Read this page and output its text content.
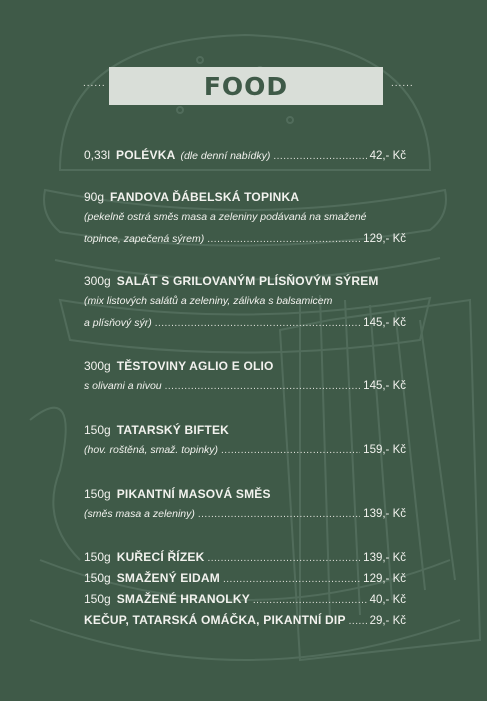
......	FOOD	......
0,33l POLÉVKA (dle denní nabídky) .....	42,- Kč
90g FANDOVA ĎÁBELSKÁ TOPINKA
(pekelně ostrá směs masa a zeleniny podávaná na smažené
topince, zapečená sýrem) .....	129,- Kč
300g SALÁT S GRILOVANÝM PLÍSŇOVÝM SÝREM
(mix listových salátů a zeleniny, zálivka s balsamicem
a plísňový sýr) .....	145,- Kč
300g TĚSTOVINY AGLIO E OLIO
s olivami a nivou .....	145,- Kč
150g TATARSKÝ BIFTEK
(hov. roštěná, smaž. topinky) .....	159,- Kč
150g PIKANTNÍ MASOVÁ SMĚS
(směs masa a zeleniny) .....	139,- Kč
150g KUŘECÍ ŘÍZEK .....	139,- Kč
150g SMAŽENÝ EIDAM .....	129,- Kč
150g SMAŽENÉ HRANOLKY .....	40,- Kč
KEČUP, TATARSKÁ OMÁČKA, PIKANTNÍ DIP ..... 29,- Kč
